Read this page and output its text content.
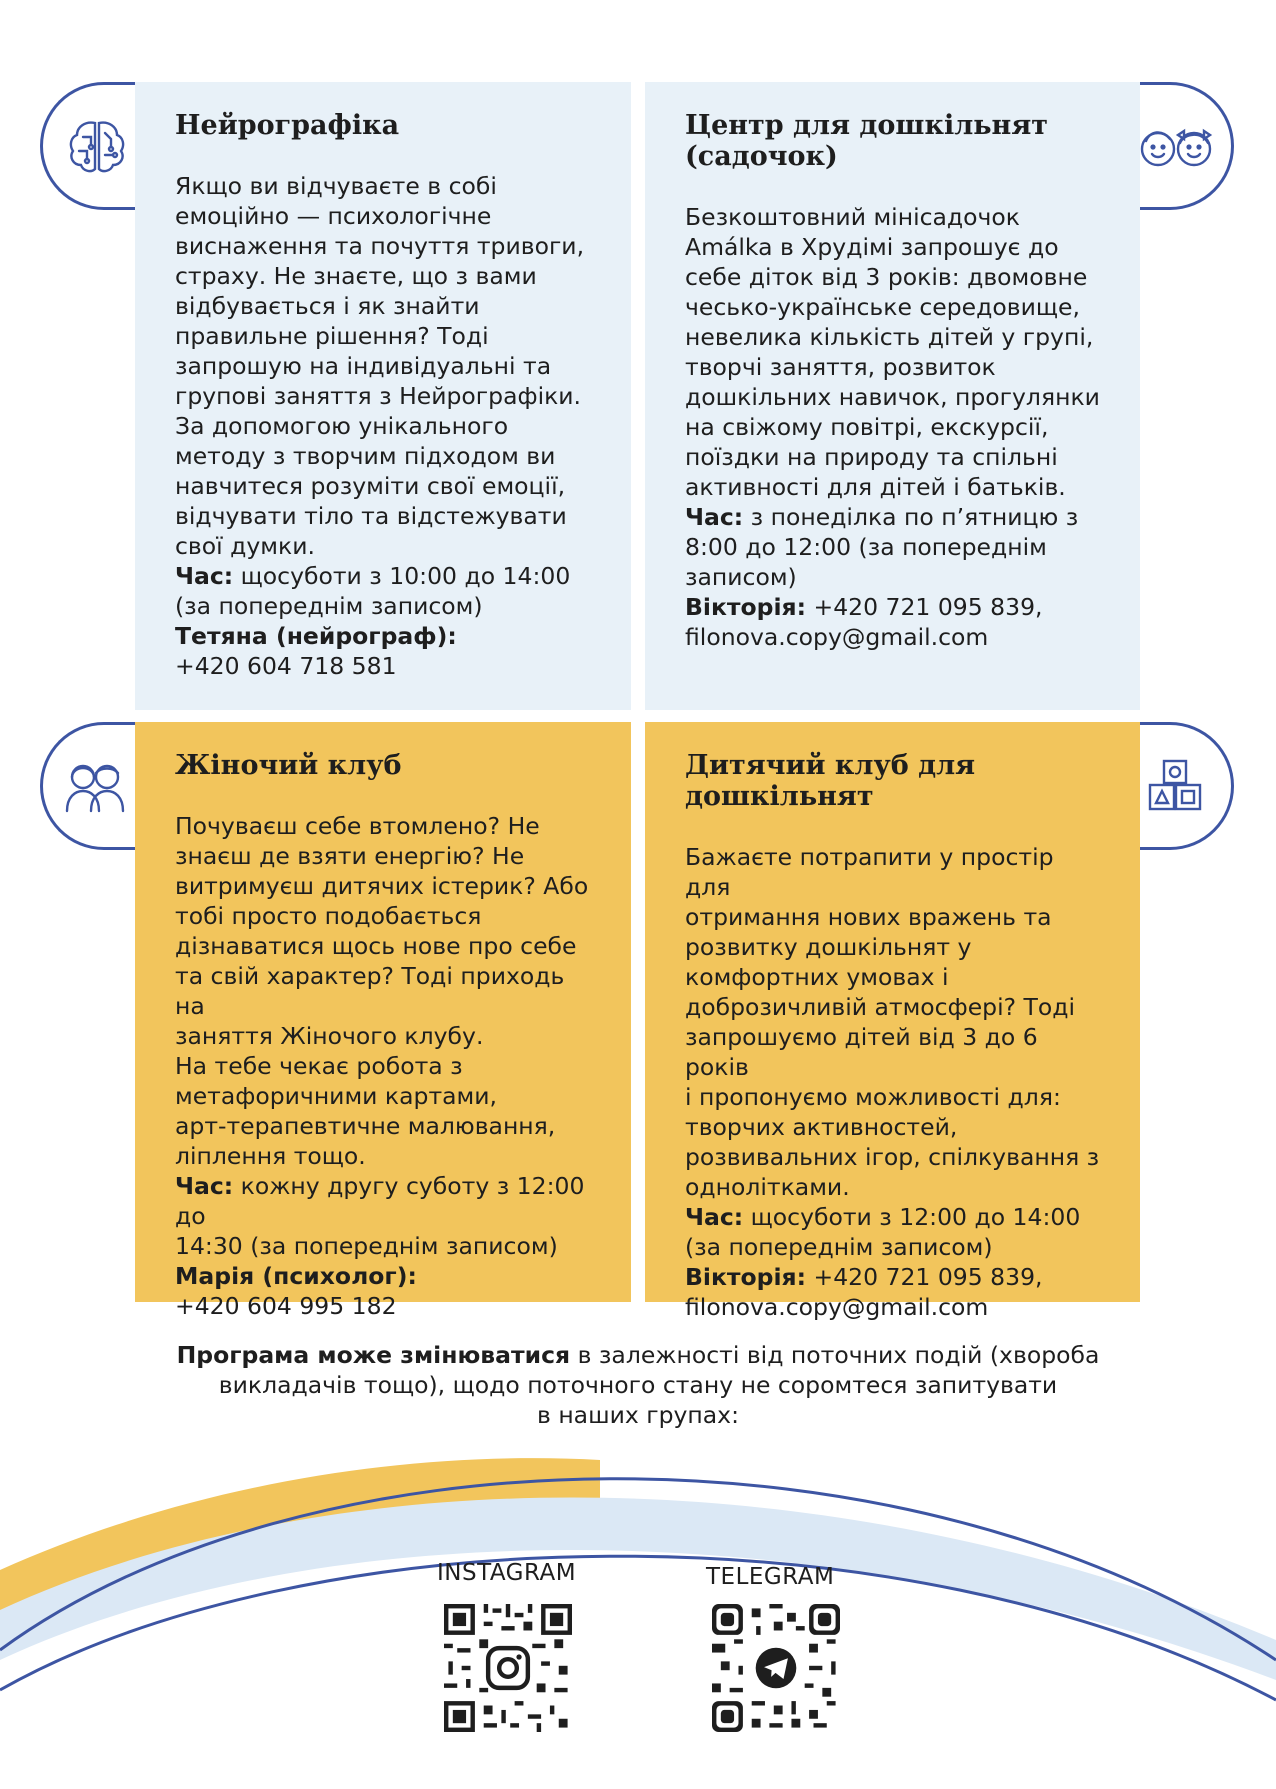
Нейрографіка

Якщо ви відчуваєте в собі
емоційно — психологічне
виснаження та почуття тривоги,
страху. Не знаєте, що з вами
відбувається і як знайти
правильне рішення? Тоді
запрошую на індивідуальні та
групові заняття з Нейрографіки.
За допомогою унікального
методу з творчим підходом ви
навчитеся розуміти свої емоції,
відчувати тіло та відстежувати
свої думки.
Час: щосуботи з 10:00 до 14:00
(за попереднім записом)
Тетяна (нейрограф):
+420 604 718 581

Центр для дошкільнят
(садочок)

Безкоштовний мінісадочок
Amálka в Хрудімі запрошує до
себе діток від 3 років: двомовне
чесько-українське середовище,
невелика кількість дітей у групі,
творчі заняття, розвиток
дошкільних навичок, прогулянки
на свіжому повітрі, екскурсії,
поїздки на природу та спільні
активності для дітей і батьків.
Час: з понеділка по п’ятницю з
8:00 до 12:00 (за попереднім
записом)
Вікторія: +420 721 095 839,
filonova.copy@gmail.com

Жіночий клуб

Почуваєш себе втомлено? Не
знаєш де взяти енергію? Не
витримуєш дитячих істерик? Або
тобі просто подобається
дізнаватися щось нове про себе
та свій характер? Тоді приходь на
заняття Жіночого клубу.
На тебе чекає робота з
метафоричними картами,
арт-терапевтичне малювання,
ліплення тощо.
Час: кожну другу суботу з 12:00 до
14:30 (за попереднім записом)
Марія (психолог):
+420 604 995 182

Дитячий клуб для
дошкільнят

Бажаєте потрапити у простір для
отримання нових вражень та
розвитку дошкільнят у
комфортних умовах і
доброзичливій атмосфері? Тоді
запрошуємо дітей від 3 до 6 років
і пропонуємо можливості для:
творчих активностей,
розвивальних ігор, спілкування з
однолітками.
Час: щосуботи з 12:00 до 14:00
(за попереднім записом)
Вікторія: +420 721 095 839,
filonova.copy@gmail.com

Програма може змінюватися в залежності від поточних подій (хвороба
викладачів тощо), щодо поточного стану не соромтеся запитувати
в наших групах:
INSTAGRAM	TELEGRAM
